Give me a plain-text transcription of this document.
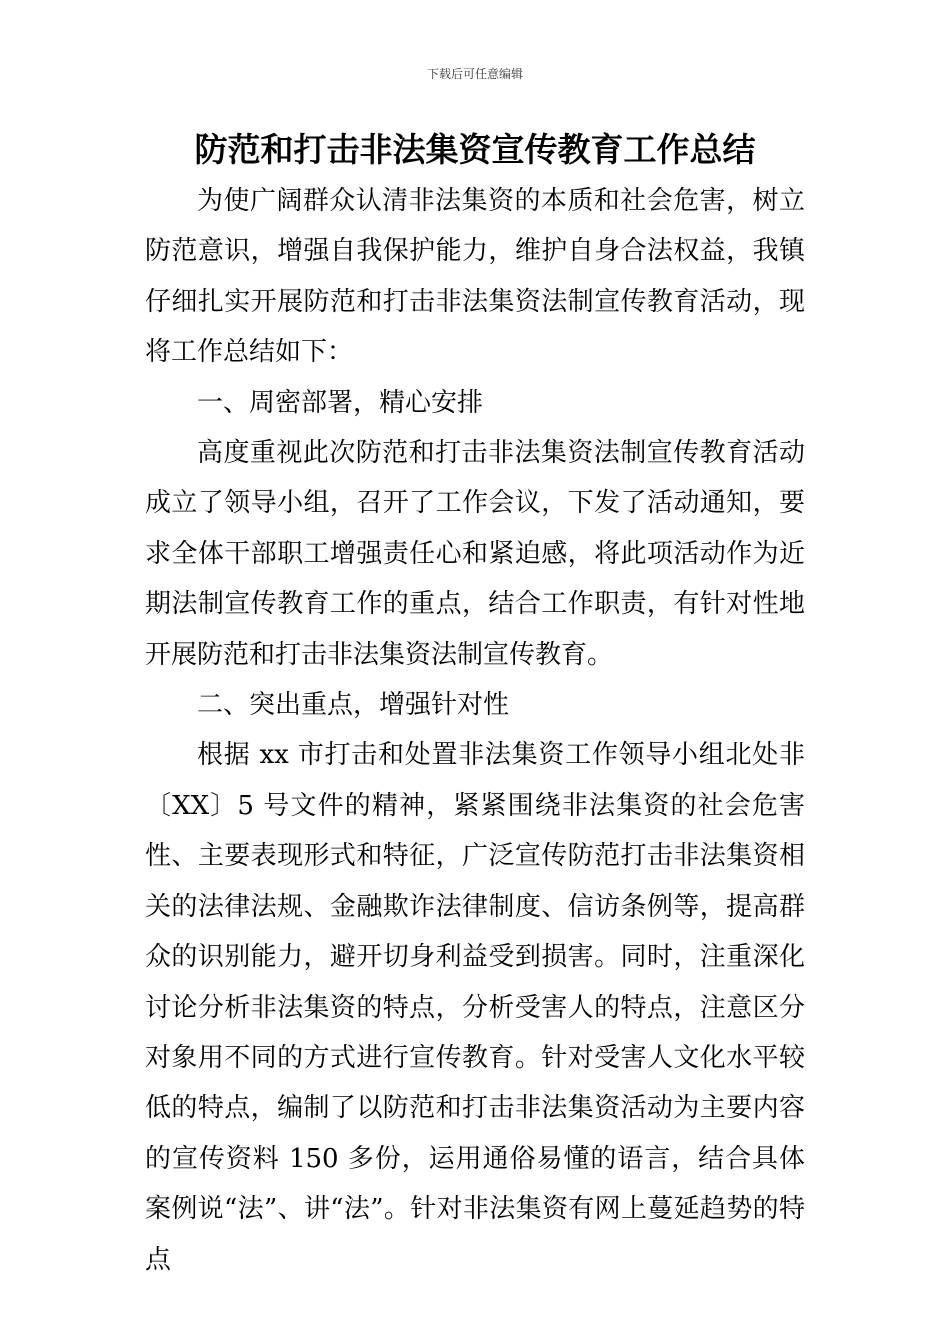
下载后可任意编辑
防范和打击非法集资宣传教育工作总结

为使广阔群众认清非法集资的本质和社会危害，树立防范意识，增强自我保护能力，维护自身合法权益，我镇仔细扎实开展防范和打击非法集资法制宣传教育活动，现将工作总结如下：

一、周密部署，精心安排

高度重视此次防范和打击非法集资法制宣传教育活动成立了领导小组，召开了工作会议，下发了活动通知，要求全体干部职工增强责任心和紧迫感，将此项活动作为近期法制宣传教育工作的重点，结合工作职责，有针对性地开展防范和打击非法集资法制宣传教育。

二、突出重点，增强针对性

根据 xx 市打击和处置非法集资工作领导小组北处非〔XX〕5 号文件的精神，紧紧围绕非法集资的社会危害性、主要表现形式和特征，广泛宣传防范打击非法集资相关的法律法规、金融欺诈法律制度、信访条例等，提高群众的识别能力，避开切身利益受到损害。同时，注重深化讨论分析非法集资的特点，分析受害人的特点，注意区分对象用不同的方式进行宣传教育。针对受害人文化水平较低的特点，编制了以防范和打击非法集资活动为主要内容的宣传资料 150 多份，运用通俗易懂的语言，结合具体案例说“法”、讲“法”。针对非法集资有网上蔓延趋势的特点
